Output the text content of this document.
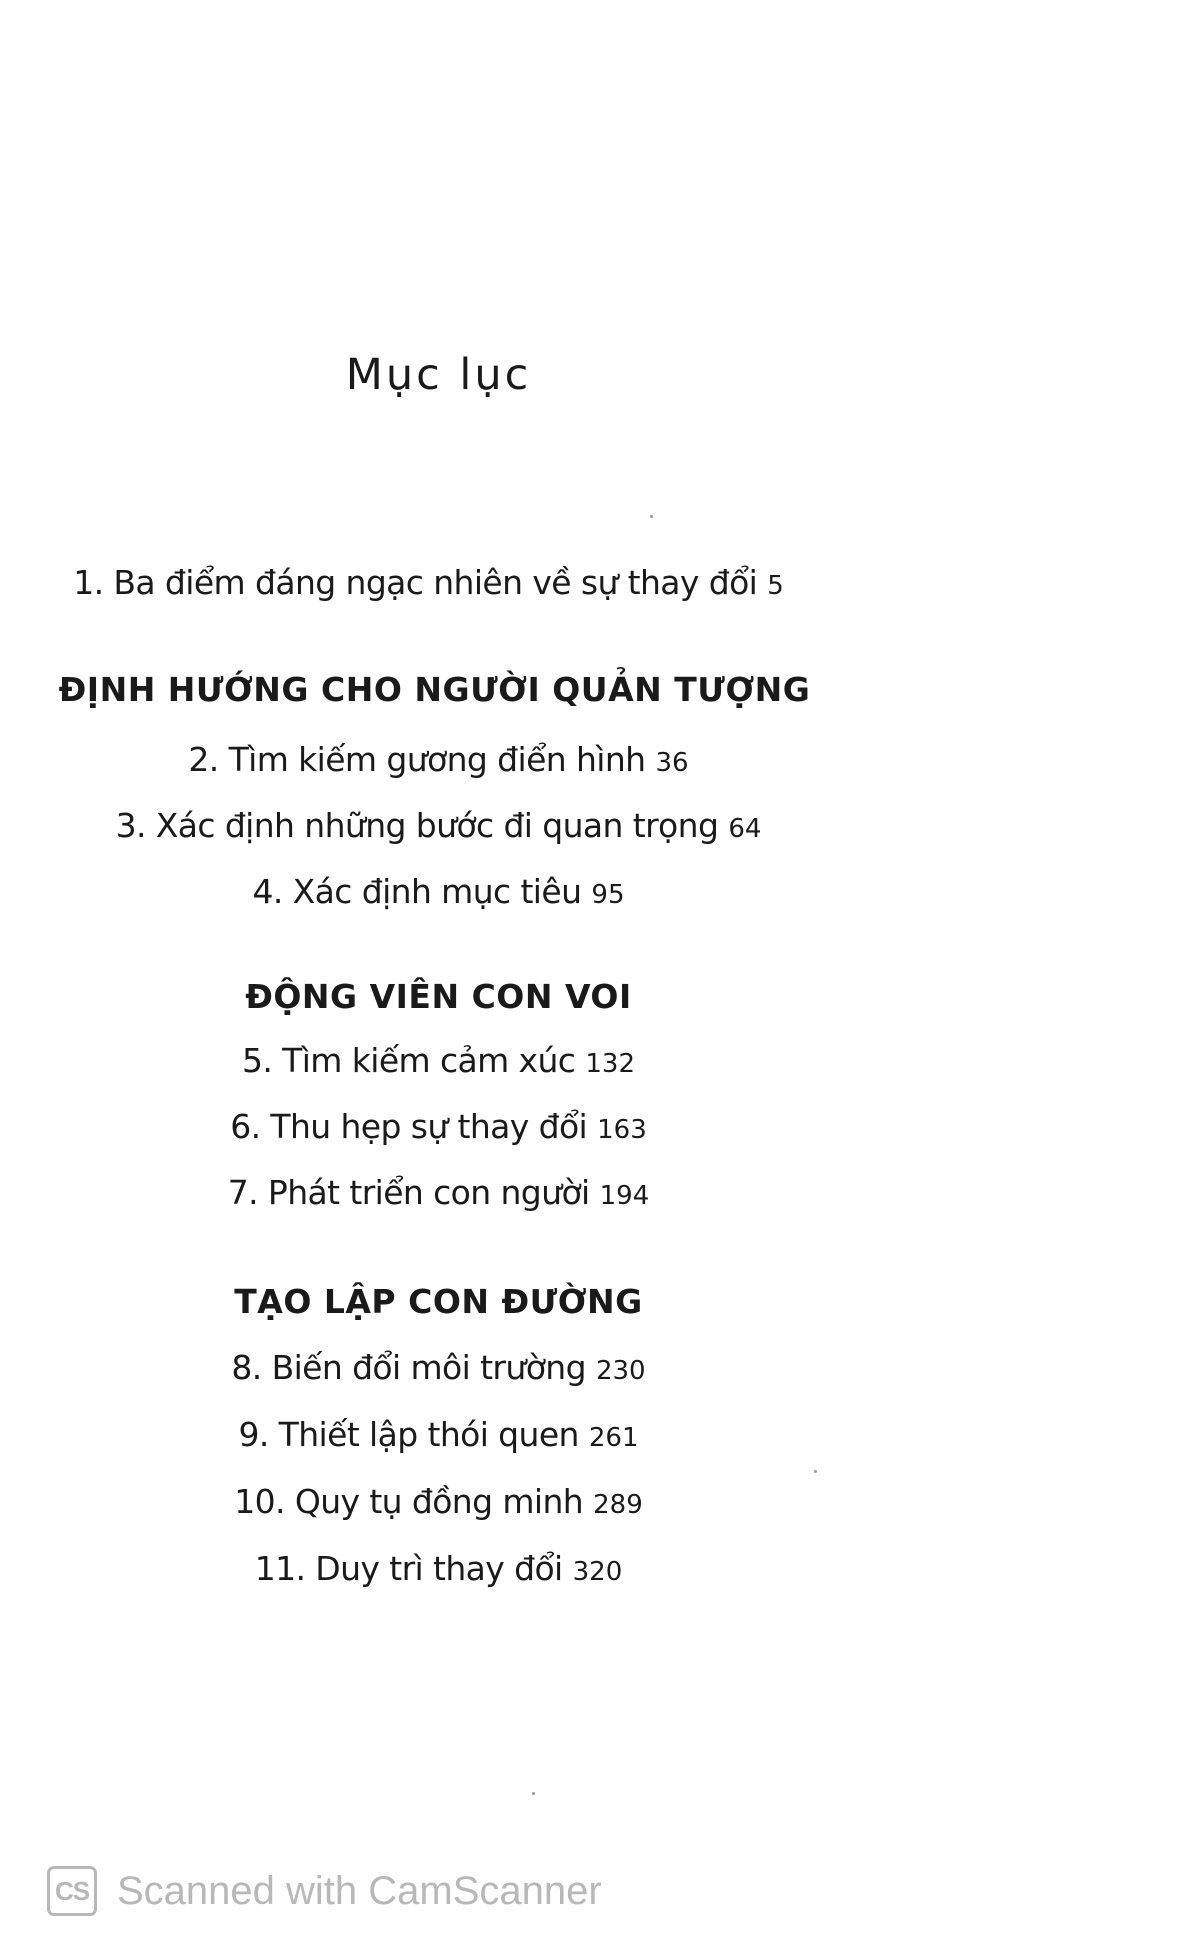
Mục lục
1. Ba điểm đáng ngạc nhiên về sự thay đổi 5
ĐỊNH HƯỚNG CHO NGƯỜI QUẢN TƯỢNG
2. Tìm kiếm gương điển hình 36
3. Xác định những bước đi quan trọng 64
4. Xác định mục tiêu 95
ĐỘNG VIÊN CON VOI
5. Tìm kiếm cảm xúc 132
6. Thu hẹp sự thay đổi 163
7. Phát triển con người 194
TẠO LẬP CON ĐƯỜNG
8. Biến đổi môi trường 230
9. Thiết lập thói quen 261
10. Quy tụ đồng minh 289
11. Duy trì thay đổi 320
CS Scanned with CamScanner
